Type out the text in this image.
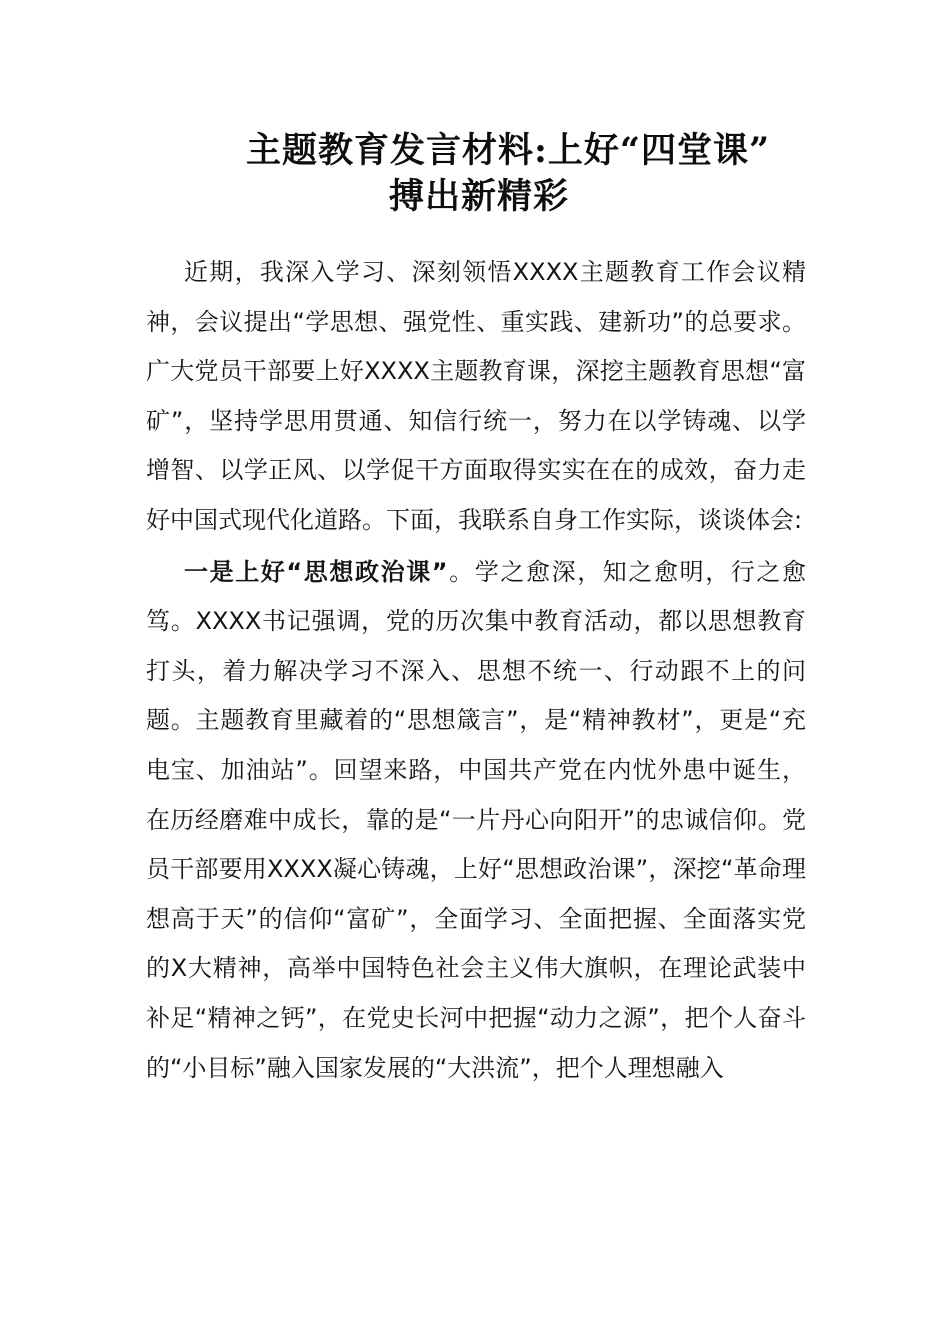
主题教育发言材料:上好“四堂课”
搏出新精彩

近期，我深入学习、深刻领悟XXXX主题教育工作会议精神，会议提出“学思想、强党性、重实践、建新功”的总要求。广大党员干部要上好XXXX主题教育课，深挖主题教育思想“富矿”，坚持学思用贯通、知信行统一，努力在以学铸魂、以学增智、以学正风、以学促干方面取得实实在在的成效，奋力走好中国式现代化道路。下面，我联系自身工作实际，谈谈体会:

一是上好“思想政治课”。学之愈深，知之愈明，行之愈笃。XXXX书记强调，党的历次集中教育活动，都以思想教育打头，着力解决学习不深入、思想不统一、行动跟不上的问题。主题教育里藏着的“思想箴言”，是“精神教材”，更是“充电宝、加油站”。回望来路，中国共产党在内忧外患中诞生，在历经磨难中成长，靠的是“一片丹心向阳开”的忠诚信仰。党员干部要用XXXX凝心铸魂，上好“思想政治课”，深挖“革命理想高于天”的信仰“富矿”，全面学习、全面把握、全面落实党的X大精神，高举中国特色社会主义伟大旗帜，在理论武装中补足“精神之钙”，在党史长河中把握“动力之源”，把个人奋斗的“小目标”融入国家发展的“大洪流”，把个人理想融入
